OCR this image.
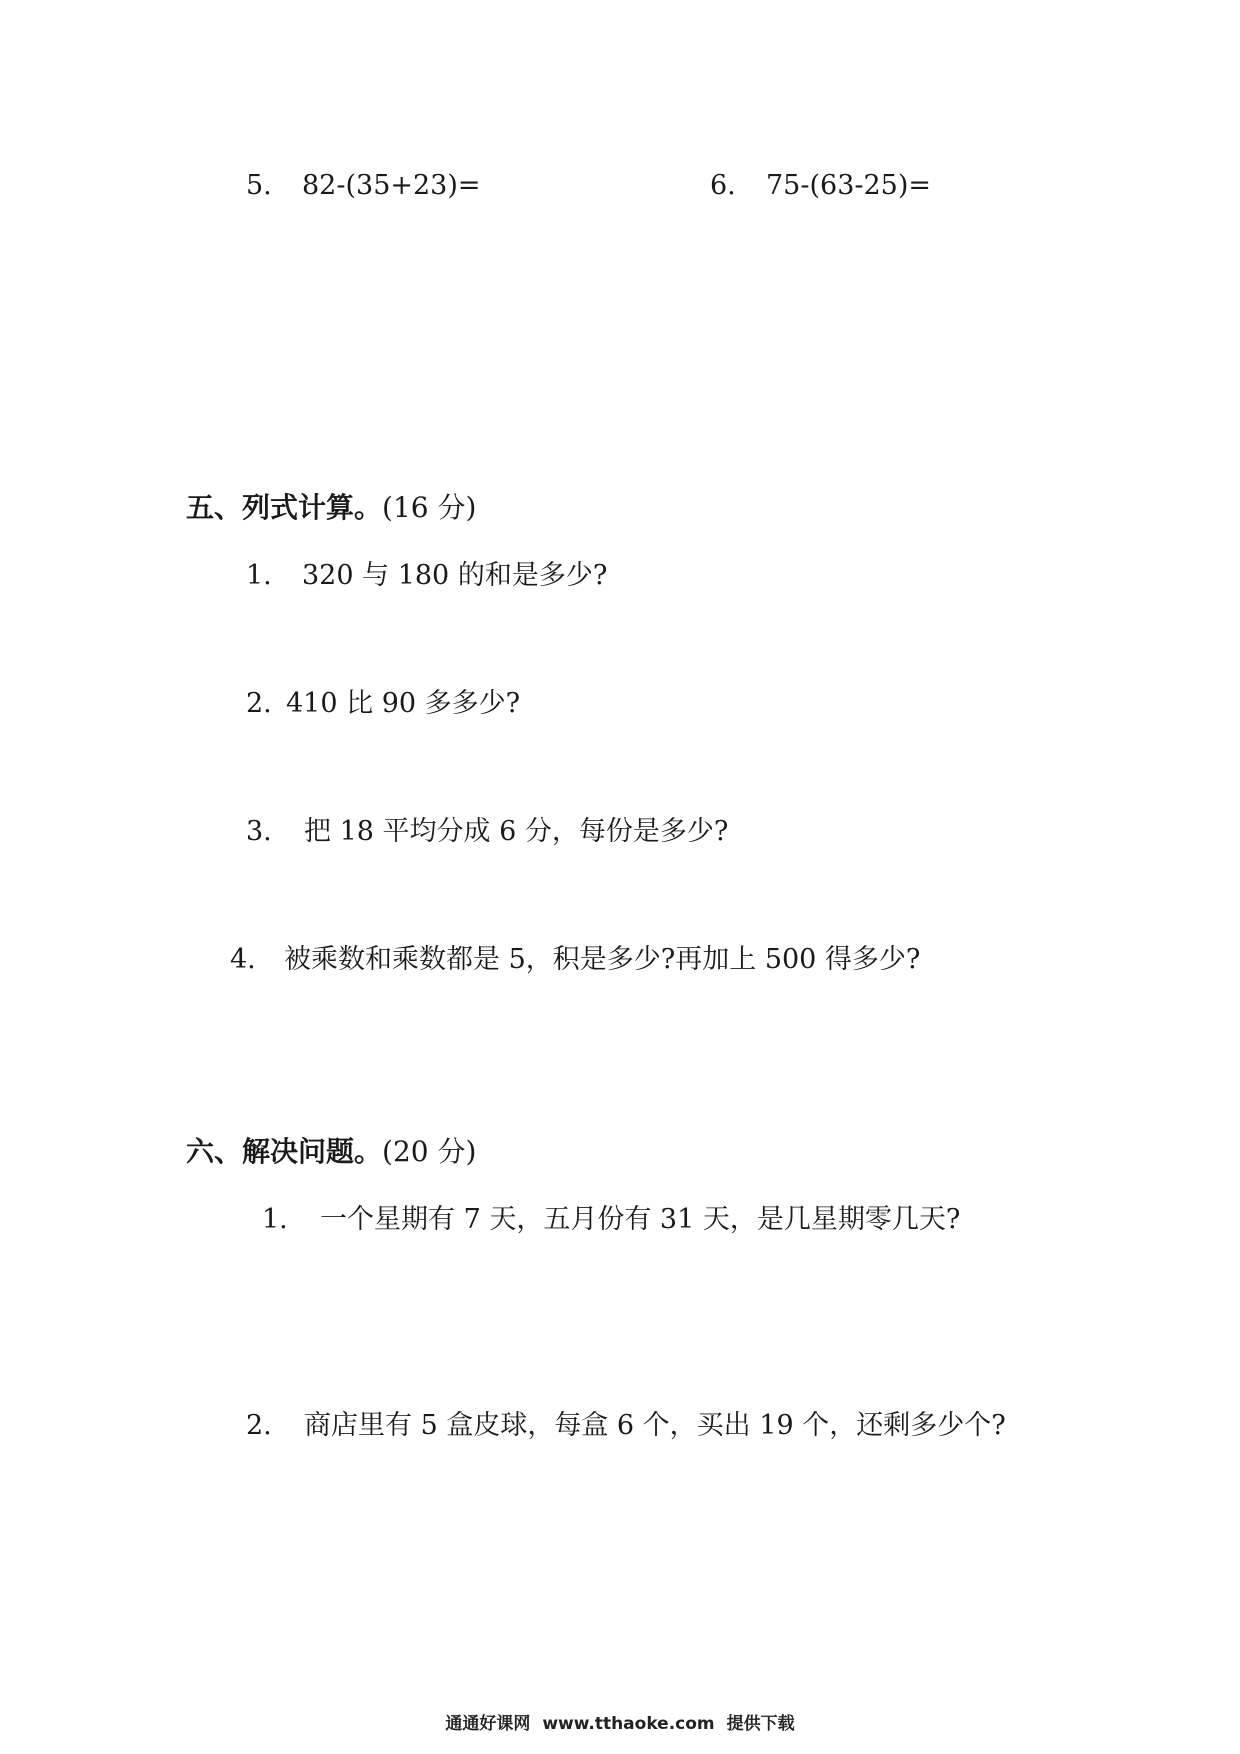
5. 82-(35+23)=	6. 75-(63-25)=
五、列式计算。(16 分)
1. 320 与 180 的和是多少?
2. 410 比 90 多多少?
3. 把 18 平均分成 6 分，每份是多少?
4. 被乘数和乘数都是 5，积是多少?再加上 500 得多少?
六、解决问题。(20 分)
1. 一个星期有 7 天，五月份有 31 天，是几星期零几天?
2. 商店里有 5 盒皮球，每盒 6 个，买出 19 个，还剩多少个?
通通好课网 www.tthaoke.com 提供下载
